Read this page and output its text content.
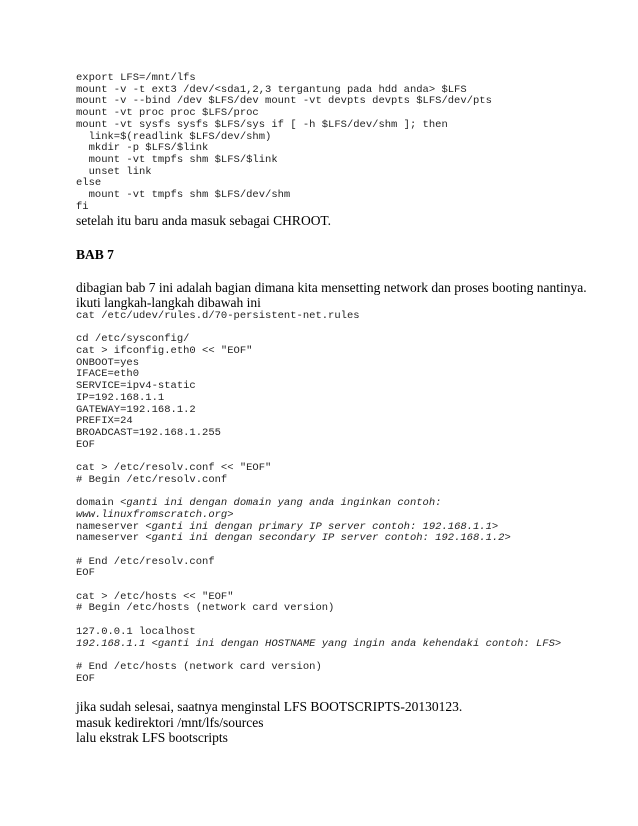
export LFS=/mnt/lfs
mount -v -t ext3 /dev/<sda1,2,3 tergantung pada hdd anda> $LFS
mount -v --bind /dev $LFS/dev mount -vt devpts devpts $LFS/dev/pts
mount -vt proc proc $LFS/proc
mount -vt sysfs sysfs $LFS/sys if [ -h $LFS/dev/shm ]; then
link=$(readlink $LFS/dev/shm)
mkdir -p $LFS/$link
mount -vt tmpfs shm $LFS/$link
unset link
else
mount -vt tmpfs shm $LFS/dev/shm
fi

setelah itu baru anda masuk sebagai CHROOT.

BAB 7

dibagian bab 7 ini adalah bagian dimana kita mensetting network dan proses booting nantinya.

ikuti langkah-langkah dibawah ini

cat /etc/udev/rules.d/70-persistent-net.rules
cd /etc/sysconfig/
cat > ifconfig.eth0 << "EOF"
ONBOOT=yes
IFACE=eth0
SERVICE=ipv4-static
IP=192.168.1.1
GATEWAY=192.168.1.2
PREFIX=24
BROADCAST=192.168.1.255
EOF
cat > /etc/resolv.conf << "EOF"
# Begin /etc/resolv.conf
domain <ganti ini dengan domain yang anda inginkan contoh:
www.linuxfromscratch.org>
nameserver <ganti ini dengan primary IP server contoh: 192.168.1.1>
nameserver <ganti ini dengan secondary IP server contoh: 192.168.1.2>
# End /etc/resolv.conf
EOF
cat > /etc/hosts << "EOF"
# Begin /etc/hosts (network card version)
127.0.0.1 localhost
192.168.1.1 <ganti ini dengan HOSTNAME yang ingin anda kehendaki contoh: LFS>
# End /etc/hosts (network card version)
EOF

jika sudah selesai, saatnya menginstal LFS BOOTSCRIPTS-20130123.

masuk kedirektori /mnt/lfs/sources

lalu ekstrak LFS bootscripts
